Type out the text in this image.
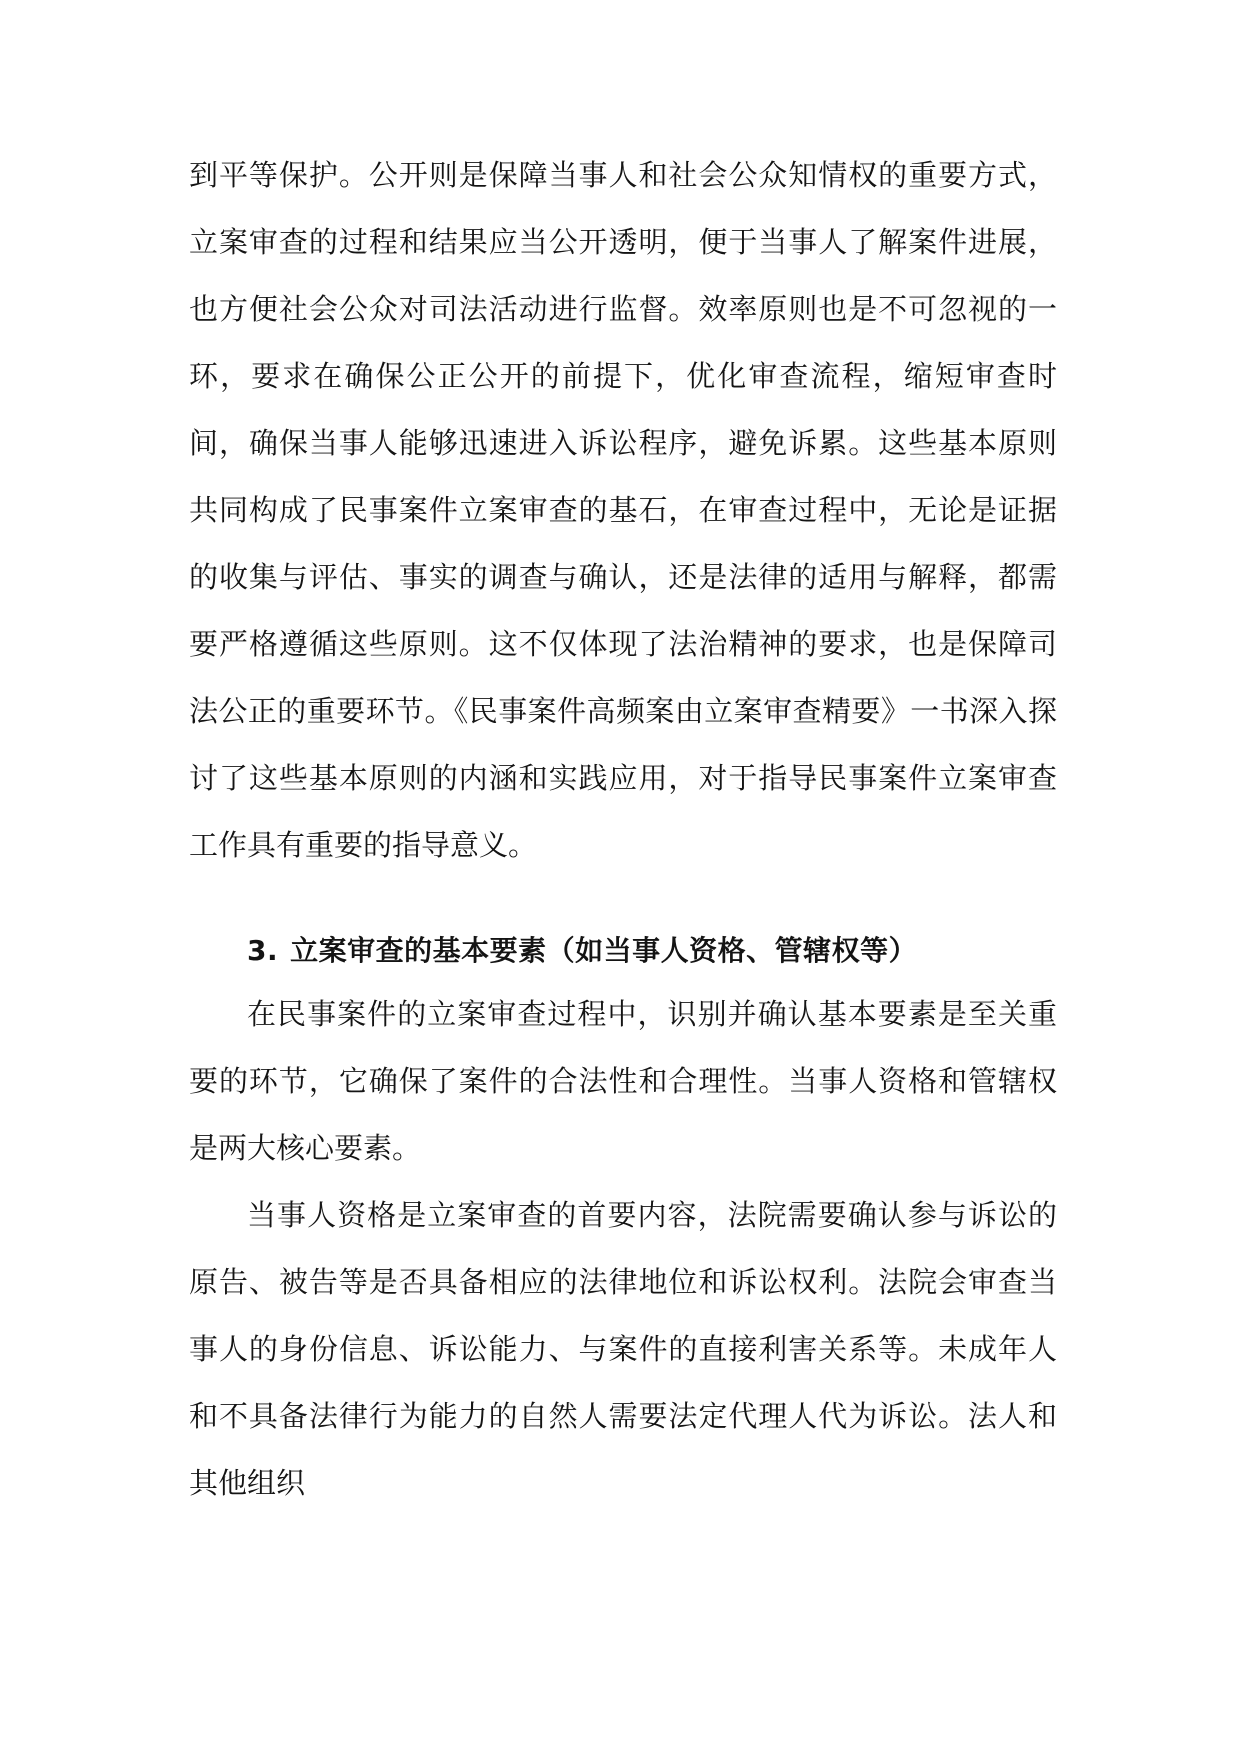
到平等保护。公开则是保障当事人和社会公众知情权的重要方式，立案审查的过程和结果应当公开透明，便于当事人了解案件进展，也方便社会公众对司法活动进行监督。效率原则也是不可忽视的一环，要求在确保公正公开的前提下，优化审查流程，缩短审查时间，确保当事人能够迅速进入诉讼程序，避免诉累。这些基本原则共同构成了民事案件立案审查的基石，在审查过程中，无论是证据的收集与评估、事实的调查与确认，还是法律的适用与解释，都需要严格遵循这些原则。这不仅体现了法治精神的要求，也是保障司法公正的重要环节。《民事案件高频案由立案审查精要》一书深入探讨了这些基本原则的内涵和实践应用，对于指导民事案件立案审查工作具有重要的指导意义。

3. 立案审查的基本要素（如当事人资格、管辖权等）

在民事案件的立案审查过程中，识别并确认基本要素是至关重要的环节，它确保了案件的合法性和合理性。当事人资格和管辖权是两大核心要素。

当事人资格是立案审查的首要内容，法院需要确认参与诉讼的原告、被告等是否具备相应的法律地位和诉讼权利。法院会审查当事人的身份信息、诉讼能力、与案件的直接利害关系等。未成年人和不具备法律行为能力的自然人需要法定代理人代为诉讼。法人和其他组织
